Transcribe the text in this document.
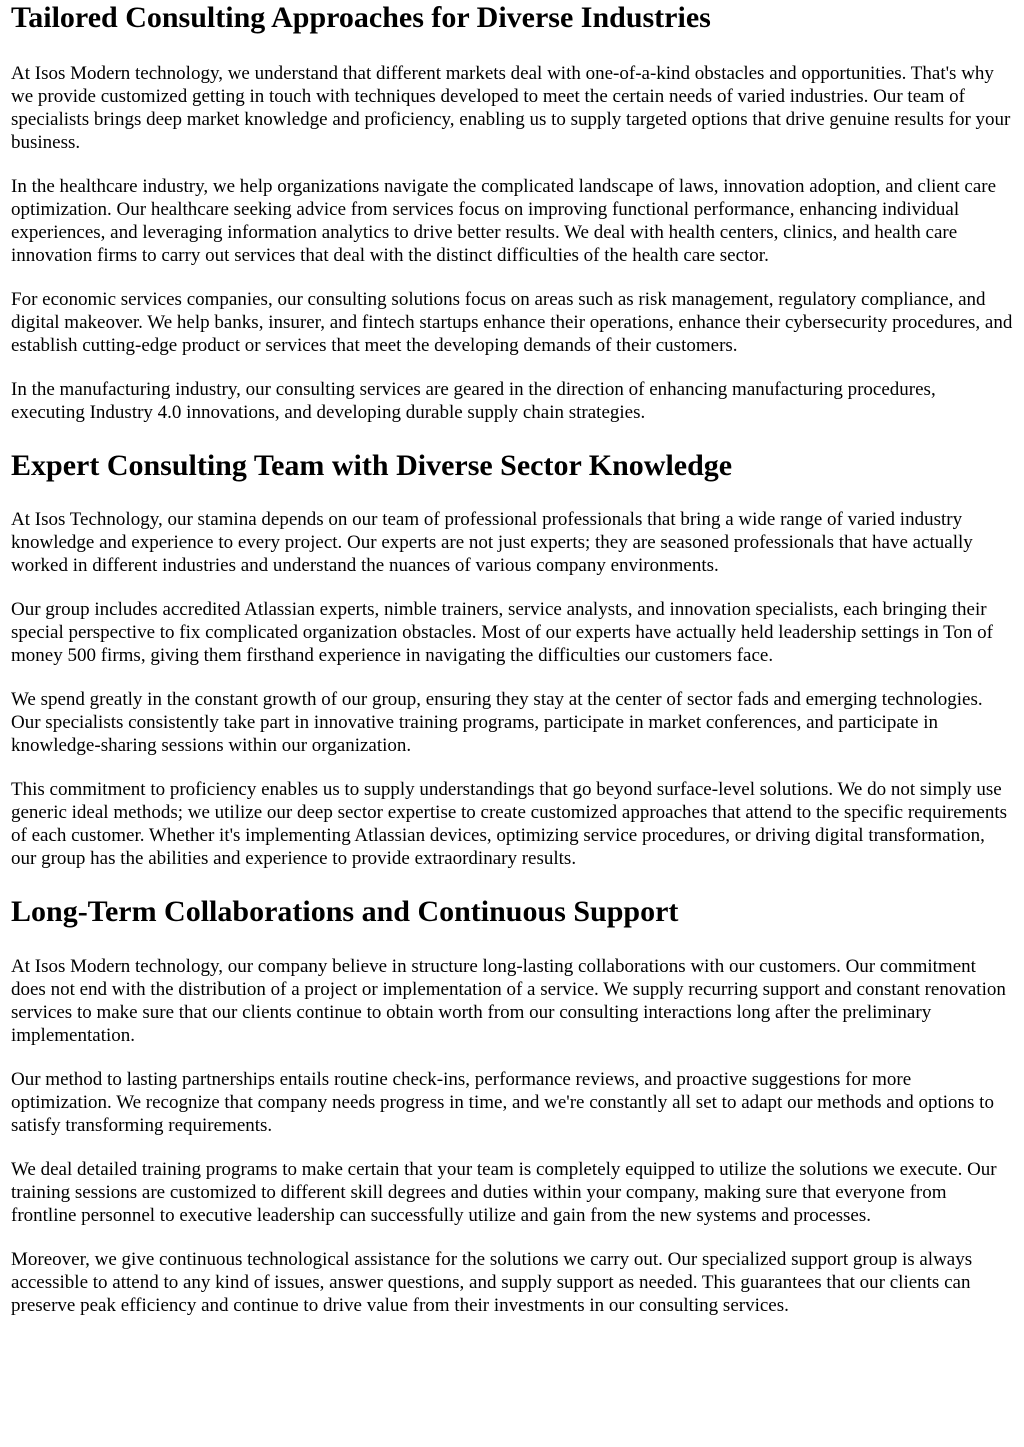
Tailored Consulting Approaches for Diverse Industries

At Isos Modern technology, we understand that different markets deal with one-of-a-kind obstacles and opportunities. That's why we provide customized getting in touch with techniques developed to meet the certain needs of varied industries. Our team of specialists brings deep market knowledge and proficiency, enabling us to supply targeted options that drive genuine results for your business.

In the healthcare industry, we help organizations navigate the complicated landscape of laws, innovation adoption, and client care optimization. Our healthcare seeking advice from services focus on improving functional performance, enhancing individual experiences, and leveraging information analytics to drive better results. We deal with health centers, clinics, and health care innovation firms to carry out services that deal with the distinct difficulties of the health care sector.

For economic services companies, our consulting solutions focus on areas such as risk management, regulatory compliance, and digital makeover. We help banks, insurer, and fintech startups enhance their operations, enhance their cybersecurity procedures, and establish cutting-edge product or services that meet the developing demands of their customers.

In the manufacturing industry, our consulting services are geared in the direction of enhancing manufacturing procedures, executing Industry 4.0 innovations, and developing durable supply chain strategies.

Expert Consulting Team with Diverse Sector Knowledge

At Isos Technology, our stamina depends on our team of professional professionals that bring a wide range of varied industry knowledge and experience to every project. Our experts are not just experts; they are seasoned professionals that have actually worked in different industries and understand the nuances of various company environments.

Our group includes accredited Atlassian experts, nimble trainers, service analysts, and innovation specialists, each bringing their special perspective to fix complicated organization obstacles. Most of our experts have actually held leadership settings in Ton of money 500 firms, giving them firsthand experience in navigating the difficulties our customers face.

We spend greatly in the constant growth of our group, ensuring they stay at the center of sector fads and emerging technologies. Our specialists consistently take part in innovative training programs, participate in market conferences, and participate in knowledge-sharing sessions within our organization.

This commitment to proficiency enables us to supply understandings that go beyond surface-level solutions. We do not simply use generic ideal methods; we utilize our deep sector expertise to create customized approaches that attend to the specific requirements of each customer. Whether it's implementing Atlassian devices, optimizing service procedures, or driving digital transformation, our group has the abilities and experience to provide extraordinary results.

Long-Term Collaborations and Continuous Support

At Isos Modern technology, our company believe in structure long-lasting collaborations with our customers. Our commitment does not end with the distribution of a project or implementation of a service. We supply recurring support and constant renovation services to make sure that our clients continue to obtain worth from our consulting interactions long after the preliminary implementation.

Our method to lasting partnerships entails routine check-ins, performance reviews, and proactive suggestions for more optimization. We recognize that company needs progress in time, and we're constantly all set to adapt our methods and options to satisfy transforming requirements.

We deal detailed training programs to make certain that your team is completely equipped to utilize the solutions we execute. Our training sessions are customized to different skill degrees and duties within your company, making sure that everyone from frontline personnel to executive leadership can successfully utilize and gain from the new systems and processes.

Moreover, we give continuous technological assistance for the solutions we carry out. Our specialized support group is always accessible to attend to any kind of issues, answer questions, and supply support as needed. This guarantees that our clients can preserve peak efficiency and continue to drive value from their investments in our consulting services.
